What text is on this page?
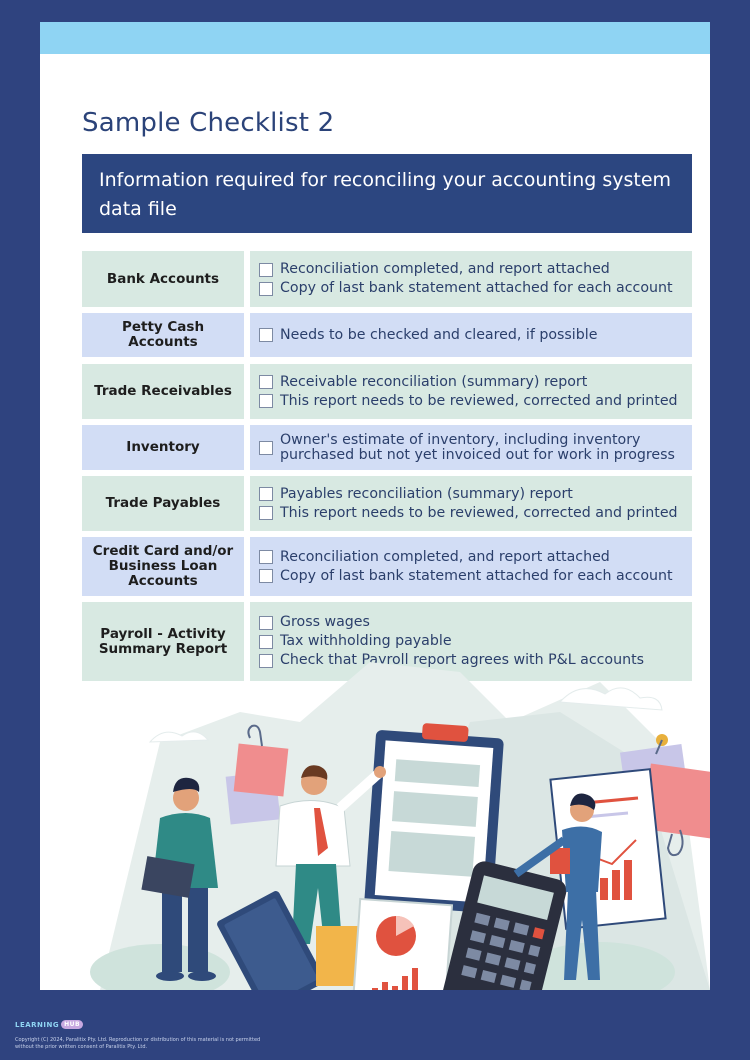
Sample Checklist 2
Information required for reconciling your accounting system data file
Bank Accounts
Reconciliation completed, and report attached
Copy of last bank statement attached for each account
Petty Cash Accounts	Needs to be checked and cleared, if possible
Trade Receivables
Receivable reconciliation (summary) report
This report needs to be reviewed, corrected and printed
Inventory	Owner's estimate of inventory, including inventory purchased but not yet invoiced out for work in progress
Trade Payables
Payables reconciliation (summary) report
This report needs to be reviewed, corrected and printed
Credit Card and/or Business Loan Accounts
Reconciliation completed, and report attached
Copy of last bank statement attached for each account
Payroll - Activity Summary Report
Gross wages
Tax withholding payable
Check that Payroll report agrees with P&L accounts
LEARNING HUB
Copyright (C) 2024, Paralitix Pty. Ltd. Reproduction or distribution of this material is not permitted without the prior written consent of Paralitix Pty. Ltd.
